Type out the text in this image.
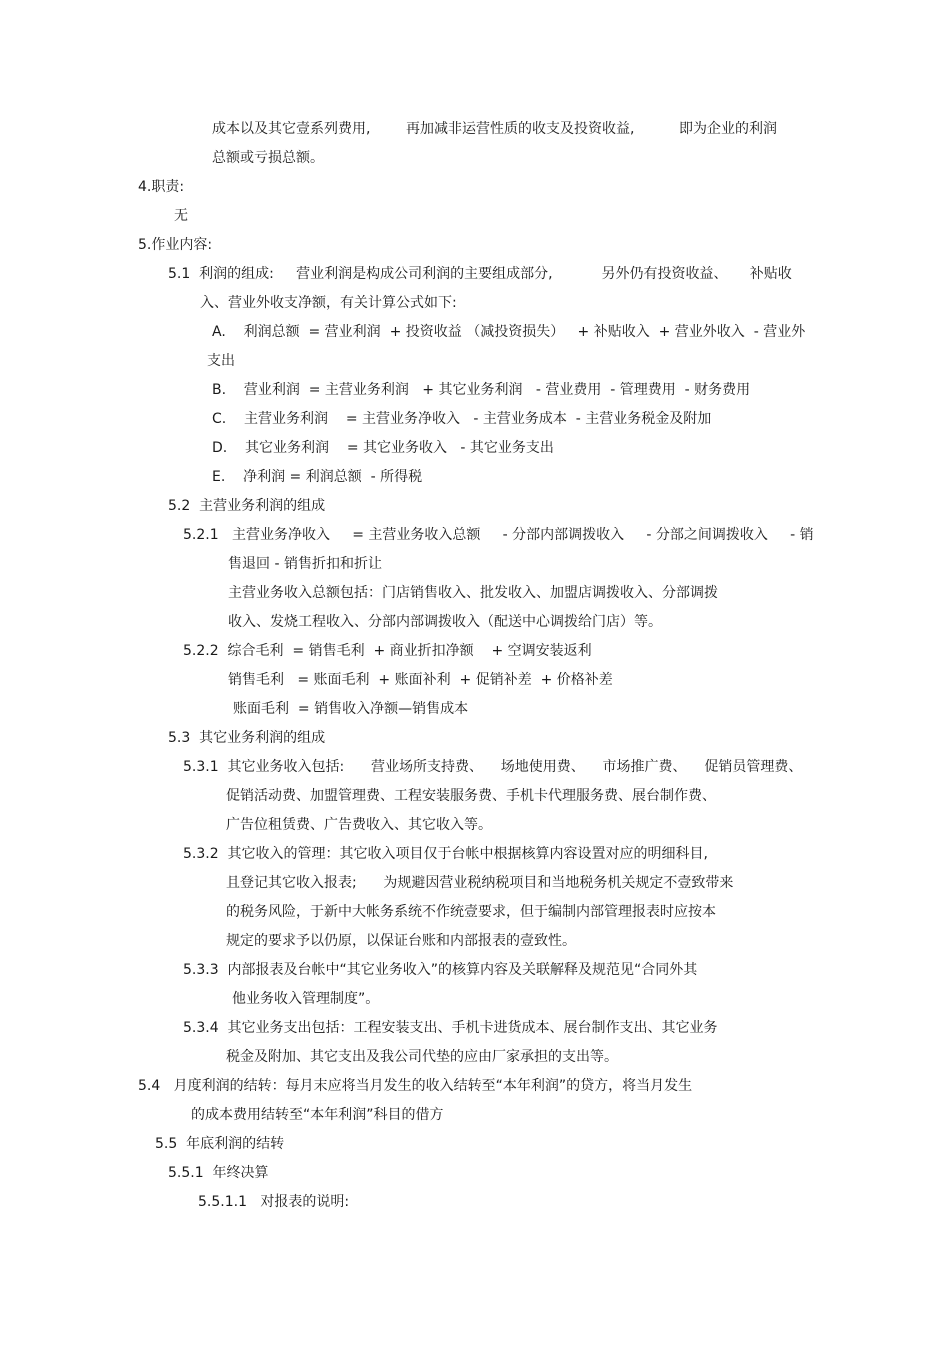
成本以及其它壹系列费用,        再加减非运营性质的收支及投资收益,          即为企业的利润
总额或亏损总额。
4.职责:
无
5.作业内容:
5.1  利润的组成:     营业利润是构成公司利润的主要组成部分,           另外仍有投资收益、     补贴收
入、营业外收支净额，有关计算公式如下:
A.    利润总额  = 营业利润  + 投资收益 （减投资损失）   + 补贴收入  + 营业外收入  - 营业外
支出
B.    营业利润  = 主营业务利润   + 其它业务利润   - 营业费用  - 管理费用  - 财务费用
C.    主营业务利润    = 主营业务净收入   - 主营业务成本  - 主营业务税金及附加
D.    其它业务利润    = 其它业务收入   - 其它业务支出
E.    净利润 = 利润总额  - 所得税
5.2  主营业务利润的组成
5.2.1   主营业务净收入     = 主营业务收入总额     - 分部内部调拨收入     - 分部之间调拨收入     - 销
售退回 - 销售折扣和折让
主营业务收入总额包括：门店销售收入、批发收入、加盟店调拨收入、分部调拨
收入、发烧工程收入、分部内部调拨收入（配送中心调拨给门店）等。
5.2.2  综合毛利  = 销售毛利  + 商业折扣净额    + 空调安装返利
销售毛利   = 账面毛利  + 账面补利  + 促销补差  + 价格补差
账面毛利  = 销售收入净额—销售成本
5.3  其它业务利润的组成
5.3.1  其它业务收入包括:      营业场所支持费、    场地使用费、    市场推广费、    促销员管理费、
促销活动费、加盟管理费、工程安装服务费、手机卡代理服务费、展台制作费、
广告位租赁费、广告费收入、其它收入等。
5.3.2  其它收入的管理：其它收入项目仅于台帐中根据核算内容设置对应的明细科目,
且登记其它收入报表;      为规避因营业税纳税项目和当地税务机关规定不壹致带来
的税务风险，于新中大帐务系统不作统壹要求，但于编制内部管理报表时应按本
规定的要求予以仍原，以保证台账和内部报表的壹致性。
5.3.3  内部报表及台帐中“其它业务收入”的核算内容及关联解释及规范见“合同外其
他业务收入管理制度”。
5.3.4  其它业务支出包括：工程安装支出、手机卡进货成本、展台制作支出、其它业务
税金及附加、其它支出及我公司代垫的应由厂家承担的支出等。
5.4   月度利润的结转：每月末应将当月发生的收入结转至“本年利润”的贷方，将当月发生
的成本费用结转至“本年利润”科目的借方
5.5  年底利润的结转
5.5.1  年终决算
5.5.1.1   对报表的说明:
